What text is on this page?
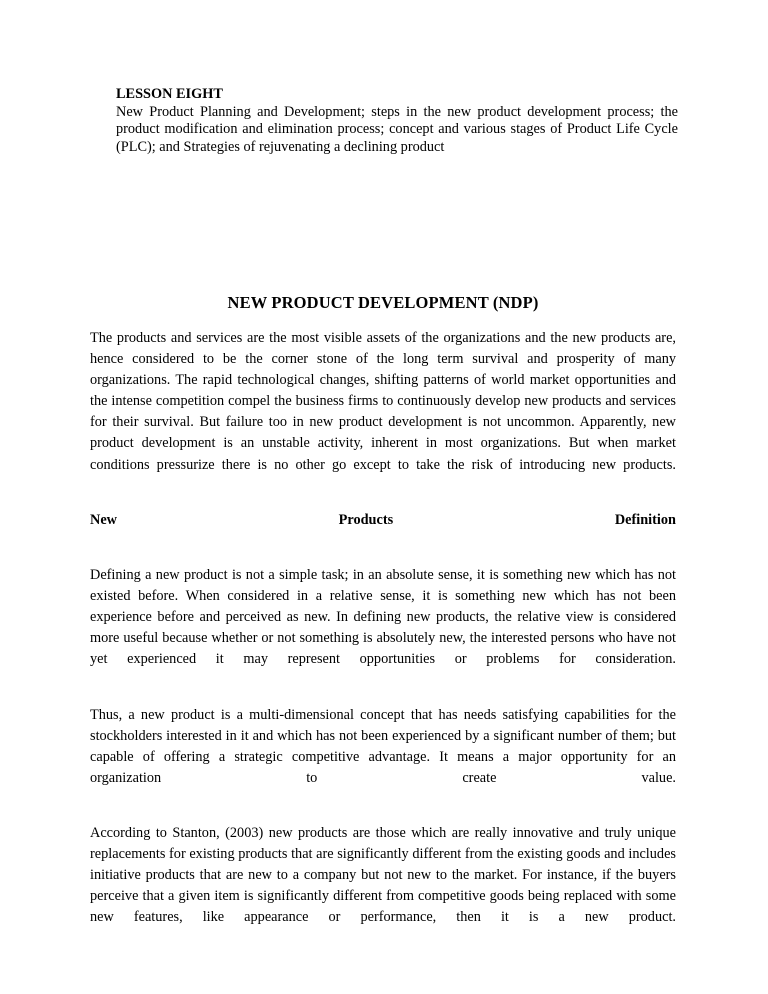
LESSON EIGHT

New Product Planning and Development; steps in the new product development process; the product modification and elimination process; concept and various stages of Product Life Cycle (PLC); and Strategies of rejuvenating a declining product

NEW PRODUCT DEVELOPMENT (NDP)

The products and services are the most visible assets of the organizations and the new products are, hence considered to be the corner stone of the long term survival and prosperity of many organizations. The rapid technological changes, shifting patterns of world market opportunities and the intense competition compel the business firms to continuously develop new products and services for their survival. But failure too in new product development is not uncommon. Apparently, new product development is an unstable activity, inherent in most organizations. But when market conditions pressurize there is no other go except to take the risk of introducing new products.

New Products Definition

Defining a new product is not a simple task; in an absolute sense, it is something new which has not existed before. When considered in a relative sense, it is something new which has not been experience before and perceived as new. In defining new products, the relative view is considered more useful because whether or not something is absolutely new, the interested persons who have not yet experienced it may represent opportunities or problems for consideration.

Thus, a new product is a multi-dimensional concept that has needs satisfying capabilities for the stockholders interested in it and which has not been experienced by a significant number of them; but capable of offering a strategic competitive advantage. It means a major opportunity for an organization to create value.

According to Stanton, (2003) new products are those which are really innovative and truly unique replacements for existing products that are significantly different from the existing goods and includes initiative products that are new to a company but not new to the market. For instance, if the buyers perceive that a given item is significantly different from competitive goods being replaced with some new features, like appearance or performance, then it is a new product.
